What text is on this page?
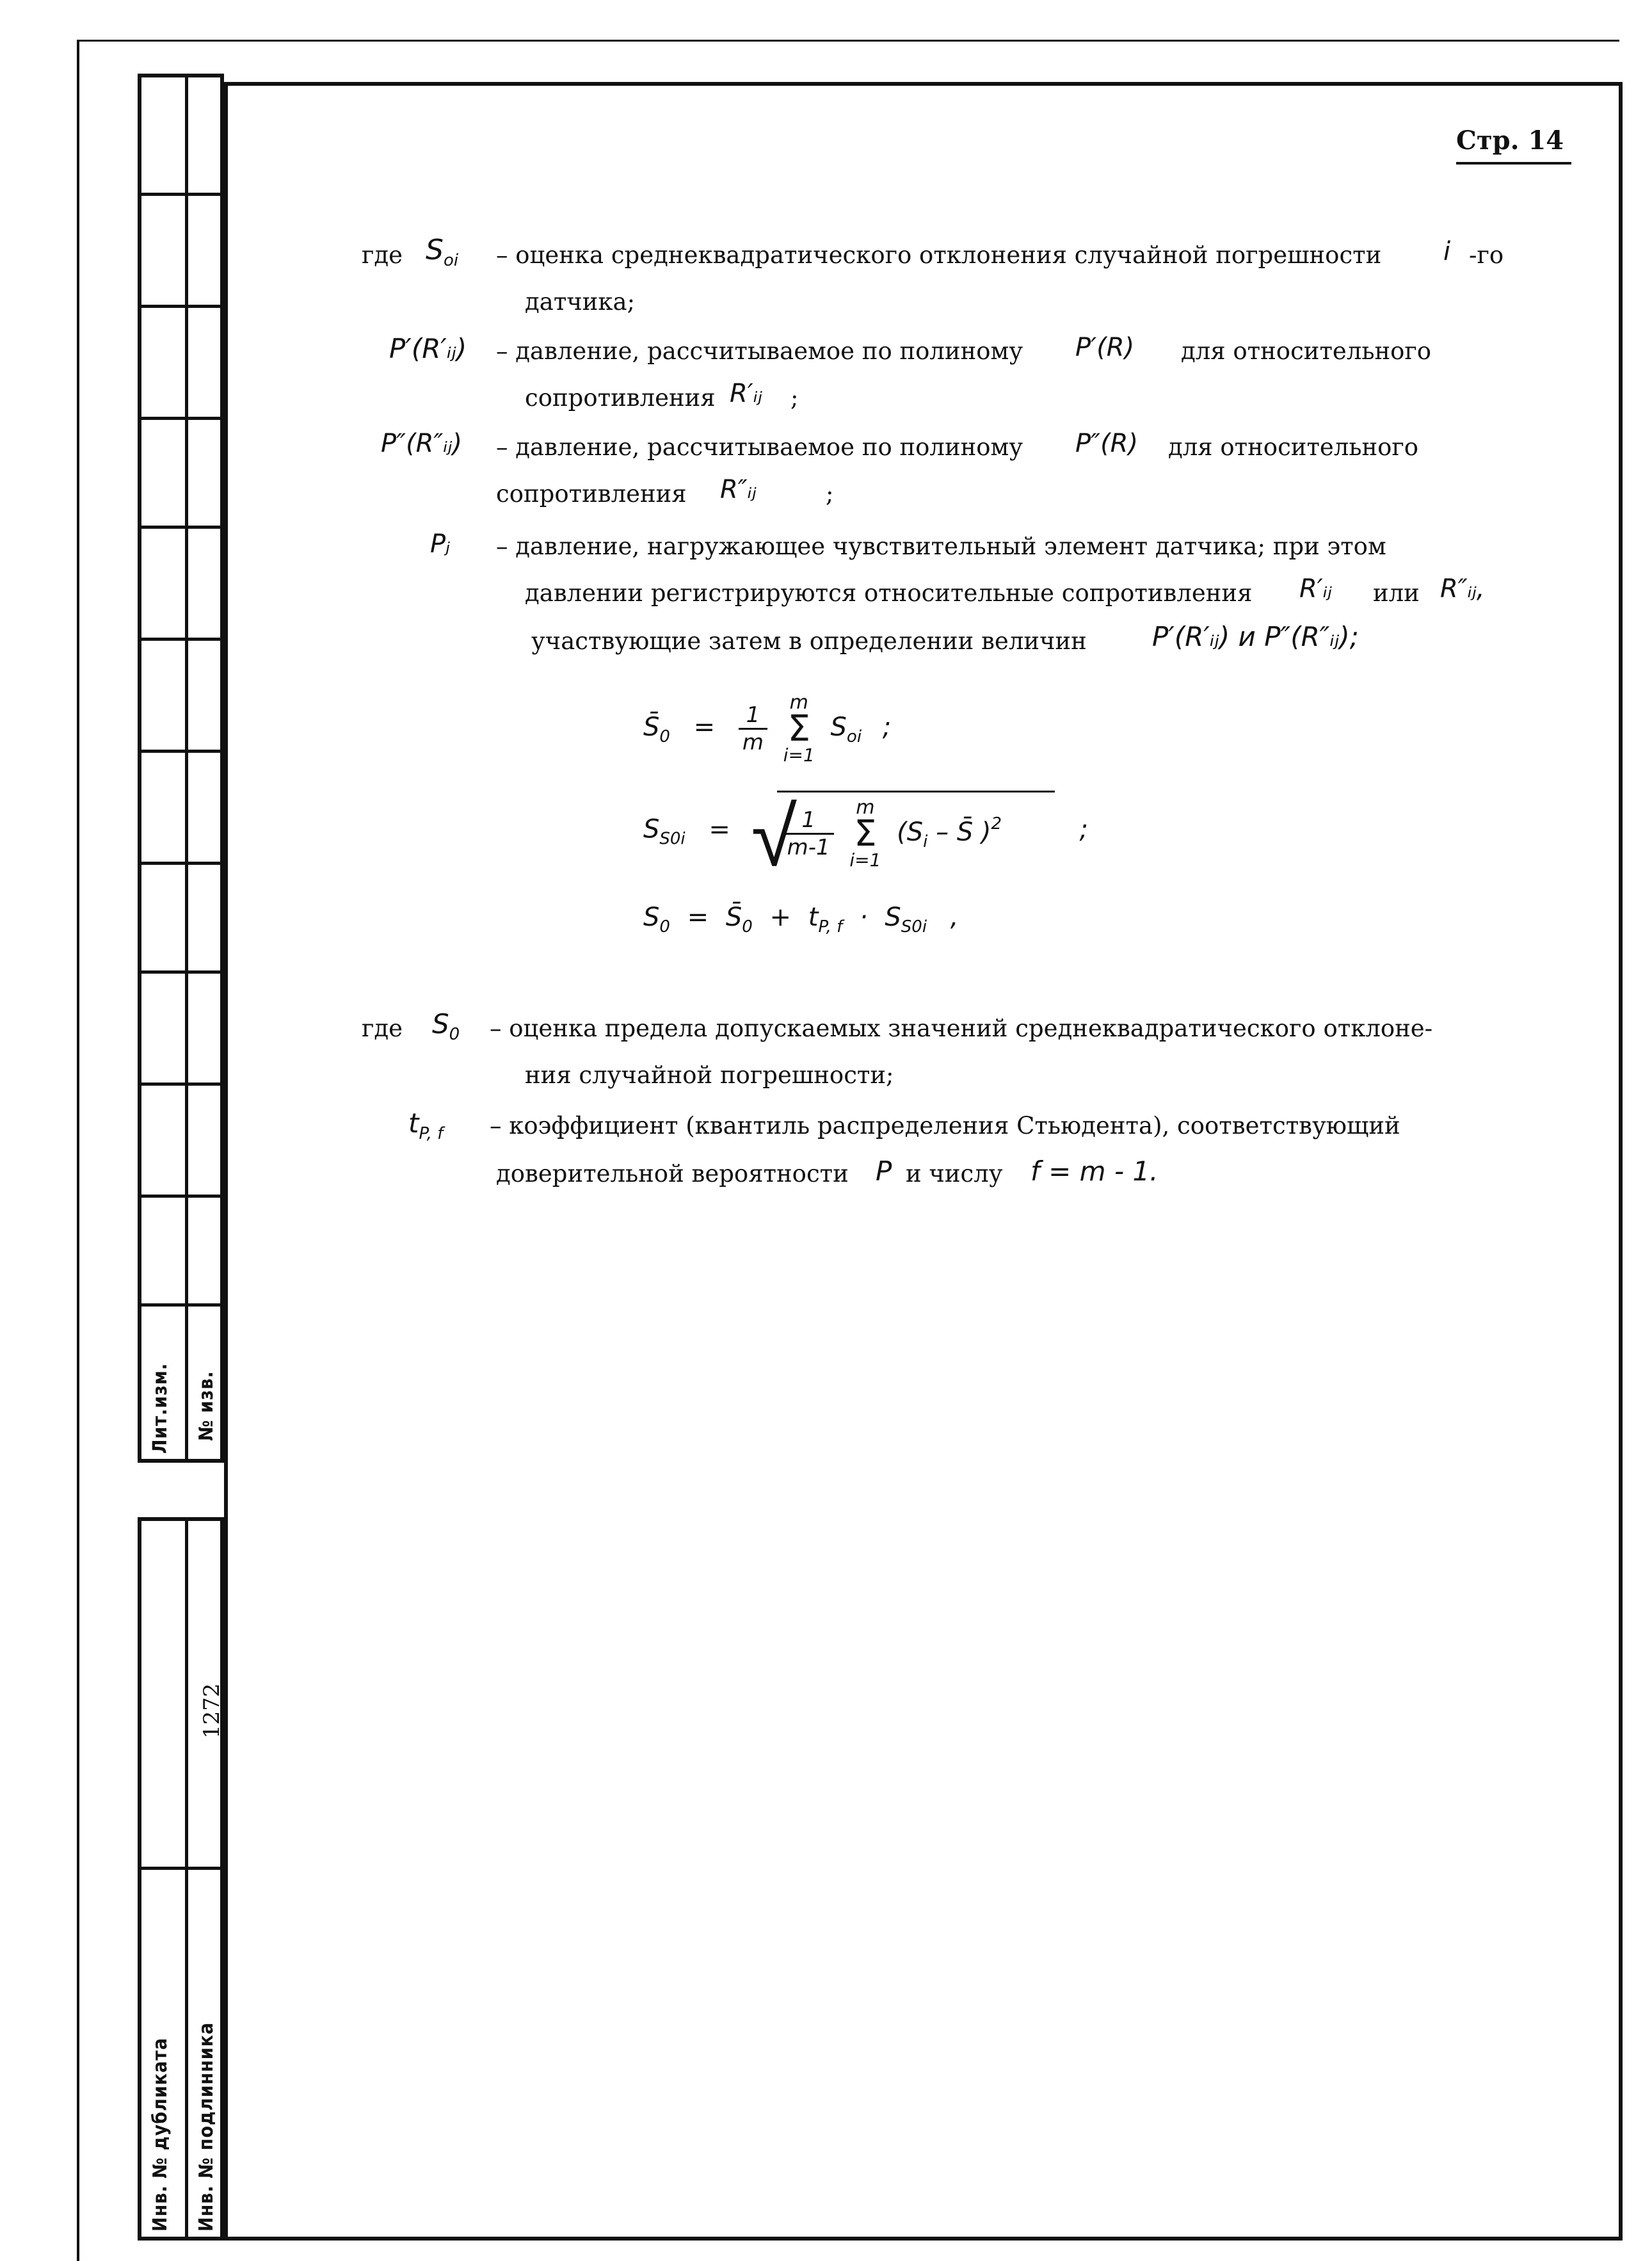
Лит.изм. № изв.
1272
Инв. № дубликата Инв. № подлинника
Стр. 14
где $S_{oi}$ – оценка среднеквадратического отклонения случайной погрешности i -го
датчика;
P′(R′ᵢⱼ) – давление, рассчитываемое по полиному P′(R) для относительного
сопротивления R′ᵢⱼ ;
P″(R″ᵢⱼ) – давление, рассчитываемое по полиному P″(R) для относительного
сопротивления R″ᵢⱼ	;
Pⱼ – давление, нагружающее чувствительный элемент датчика; при этом
давлении регистрируются относительные сопротивления R′ᵢⱼ или R″ᵢⱼ,
участвующие затем в определении величин P′(R′ᵢⱼ) и P″(R″ᵢⱼ);
$S̄_0 = \frac{1}{m}$
	m
Σ
i=1
$S_{oi}$ ;
$S_{S0i}$ = √
$\frac{1}{m-1}$
	m
Σ
i=1
($S_i$ – S̄ )$^2$	;
$S_0$ = $S̄_0 + t_{P, f} \cdot S_{S0i}$ ,
где $S_0$ – оценка предела допускаемых значений среднеквадратического отклоне-
ния случайной погрешности;
$t_{P, f}$ – коэффициент (квантиль распределения Стьюдента), соответствующий
доверительной вероятности P и числу f = m - 1.
